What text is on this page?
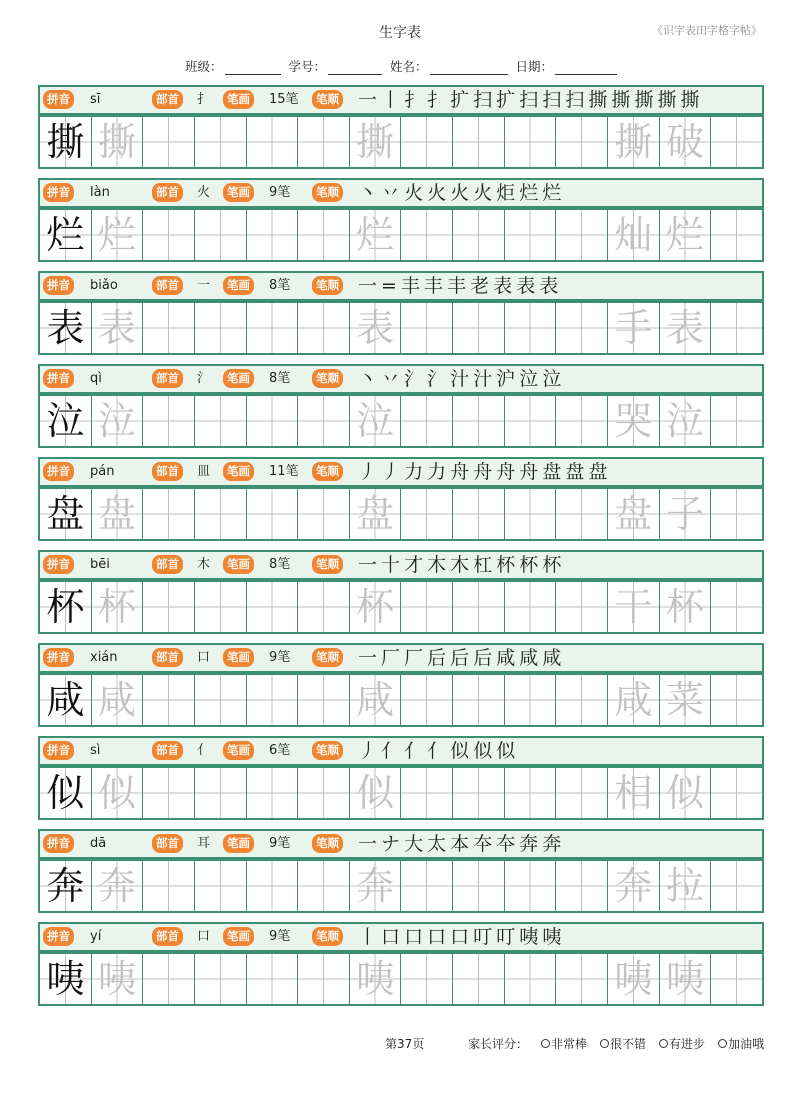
生字表	《识字表田字格字帖》
班级：	学号：	姓名：	日期：
拼音	sī	部首	扌	笔画	15笔	笔顺 一 丨 扌 扌 扩 扫 扩 扫 扫 扫 撕 撕 撕 撕 撕
撕 撕	撕	撕 破
拼音	làn	部首	火	笔画	9笔	笔顺 丶 丷 火 火 火 火 炬 烂 烂
烂 烂	烂	灿 烂
拼音	biǎo	部首	一	笔画	8笔	笔顺 一 = 丰 丰 丰 老 表 表 表
表 表	表	手 表
拼音	qì	部首	氵	笔画	8笔	笔顺 丶 丷 氵 氵 汁 汁 沪 泣 泣
泣 泣	泣	哭 泣
拼音	pán	部首	皿	笔画	11笔	笔顺 丿 丿 力 力 舟 舟 舟 舟 盘 盘 盘
盘 盘	盘	盘 子
拼音	bēi	部首	木	笔画	8笔	笔顺 一 十 才 木 木 杠 杯 杯 杯
杯 杯	杯	干 杯
拼音	xián	部首	口	笔画	9笔	笔顺 一 厂 厂 后 后 后 咸 咸 咸
咸 咸	咸	咸 菜
拼音	sì	部首	亻	笔画	6笔	笔顺 丿 亻 亻 亻 似 似 似
似 似	似	相 似
拼音	dā	部首	耳	笔画	9笔	笔顺 一 ナ 大 太 本 夲 夲 奔 奔
奔 奔	奔	奔 拉
拼音	yí	部首	口	笔画	9笔	笔顺 丨 口 口 口 口 叮 叮 咦 咦
咦 咦	咦	咦 咦
第37页	家长评分： 非常棒 很不错 有进步 加油哦
